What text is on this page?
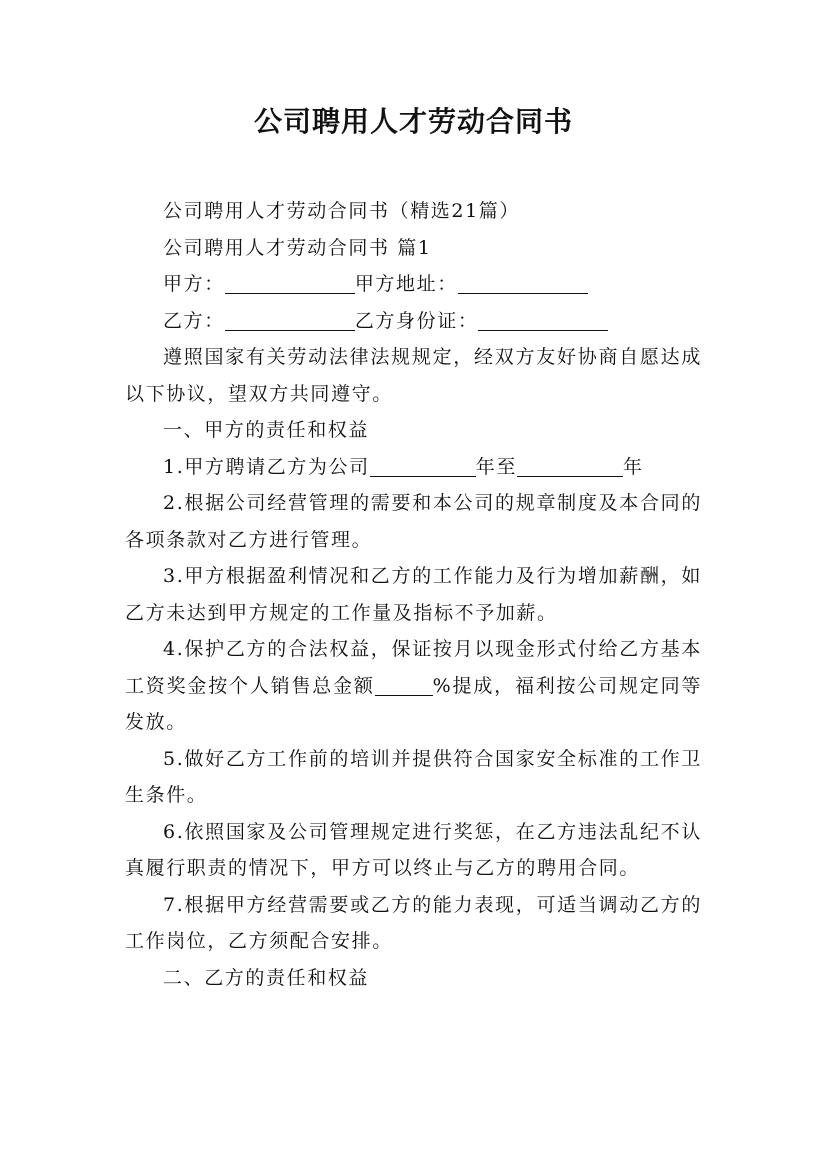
公司聘用人才劳动合同书

公司聘用人才劳动合同书（精选21篇）

公司聘用人才劳动合同书 篇1

甲方：	甲方地址：

乙方：	乙方身份证：

遵照国家有关劳动法律法规规定，经双方友好协商自愿达成以下协议，望双方共同遵守。

一、甲方的责任和权益

1.甲方聘请乙方为公司	年至	年

2.根据公司经营管理的需要和本公司的规章制度及本合同的各项条款对乙方进行管理。

3.甲方根据盈利情况和乙方的工作能力及行为增加薪酬，如乙方未达到甲方规定的工作量及指标不予加薪。

4.保护乙方的合法权益，保证按月以现金形式付给乙方基本工资奖金按个人销售总金额	%提成，福利按公司规定同等发放。

5.做好乙方工作前的培训并提供符合国家安全标准的工作卫生条件。

6.依照国家及公司管理规定进行奖惩，在乙方违法乱纪不认真履行职责的情况下，甲方可以终止与乙方的聘用合同。

7.根据甲方经营需要或乙方的能力表现，可适当调动乙方的工作岗位，乙方须配合安排。

二、乙方的责任和权益
